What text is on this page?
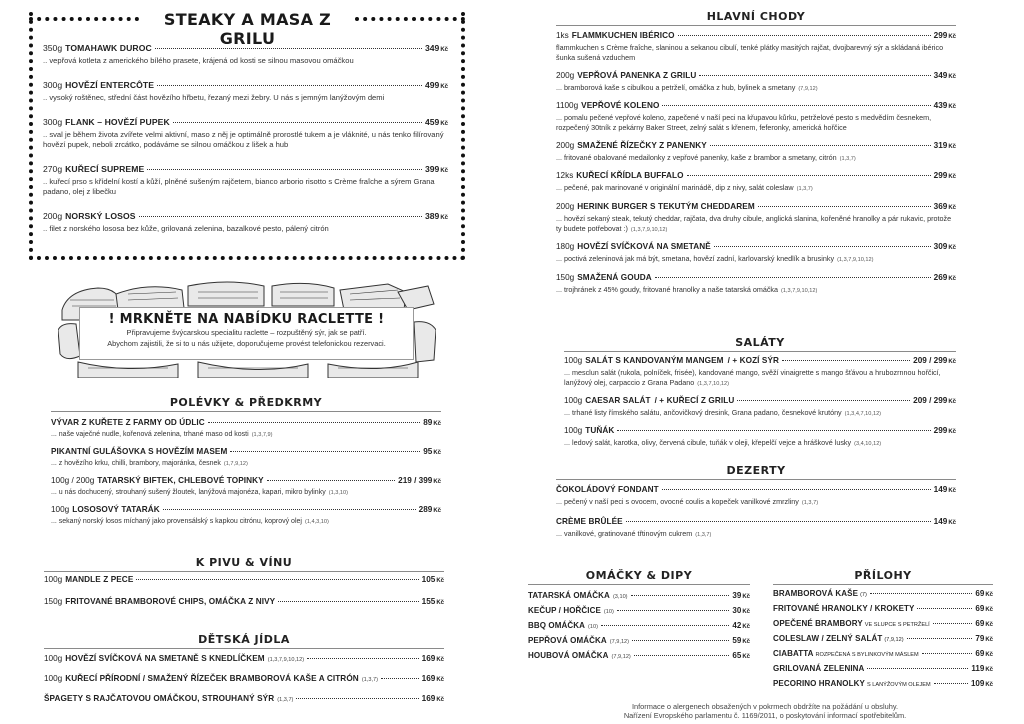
STEAKY A MASA Z GRILU
350g TOMAHAWK DUROC	349Kč
.. vepřová kotleta z amerického bílého prasete, krájená od kosti se silnou masovou omáčkou
300g HOVĚZÍ ENTERCÔTE	499Kč
.. vysoký roštěnec, střední část hovězího hřbetu, řezaný mezi žebry. U nás s jemným lanýžovým demi
300g FLANK – HOVĚZÍ PUPEK	459Kč
.. sval je během života zvířete velmi aktivní, maso z něj je optimálně prorostlé tukem a je vláknité, u nás tenko filírovaný hovězí pupek, neboli zrcátko, podáváme se silnou omáčkou z lišek a hub
270g KUŘECÍ SUPREME	399Kč
.. kuřecí prso s křídelní kostí a kůží, plněné sušeným rajčetem, bianco arborio risotto s Crème fraîche a sýrem Grana padano, olej z libečku
200g NORSKÝ LOSOS	389Kč
.. filet z norského lososa bez kůže, grilovaná zelenina, bazalkové pesto, pálený citrón
! MRKNĚTE NA NABÍDKU RACLETTE !
Připravujeme švýcarskou specialitu raclette – rozpuštěný sýr, jak se patří.
Abychom zajistili, že si to u nás užijete, doporučujeme provést telefonickou rezervaci.
POLÉVKY & PŘEDKRMY
VÝVAR Z KUŘETE Z FARMY OD ÚDLIC	89Kč
... naše vaječné nudle, kořenová zelenina, trhané maso od kosti (1,3,7,9)
PIKANTNÍ GULÁŠOVKA S HOVĚZÍM MASEM	95Kč
... z hovězího krku, chilli, brambory, majoránka, česnek (1,7,9,12)
100g / 200g TATARSKÝ BIFTEK, CHLEBOVÉ TOPINKY	219 / 399Kč
... u nás dochucený, strouhaný sušený žloutek, lanýžová majonéza, kapari, mikro bylinky (1,3,10)
100g LOSOSOVÝ TATARÁK	289Kč
... sekaný norský losos míchaný jako provensálský s kapkou citrónu, koprový olej (1,4,3,10)
K PIVU & VÍNU
100g MANDLE Z PECE	105Kč
150g FRITOVANÉ BRAMBOROVÉ CHIPS, OMÁČKA Z NIVY	155Kč
DĚTSKÁ JÍDLA
100g HOVĚZÍ SVÍČKOVÁ NA SMETANĚ S KNEDLÍČKEM (1,3,7,9,10,12)	169Kč
100g KUŘECÍ PŘÍRODNÍ / SMAŽENÝ ŘÍZEČEK BRAMBOROVÁ KAŠE A CITRÓN (1,3,7)	169Kč
ŠPAGETY S RAJČATOVOU OMÁČKOU, STROUHANÝ SÝR (1,3,7)	169Kč
HLAVNÍ CHODY
1ks FLAMMKUCHEN IBÉRICO	299Kč
flammkuchen s Crème fraîche, slaninou a sekanou cibulí, tenké plátky masitých rajčat, dvojbarevný sýr a skládaná ibérico šunka sušená vzduchem
200g VEPŘOVÁ PANENKA Z GRILU	349Kč
... bramborová kaše s cibulkou a petrželí, omáčka z hub, bylinek a smetany (7,9,12)
1100g VEPŘOVÉ KOLENO	439Kč
... pomalu pečené vepřové koleno, zapečené v naší peci na křupavou kůrku, petrželové pesto s medvědím česnekem, rozpečený 30tník z pekárny Baker Street, zelný salát s křenem, feferonky, americká hořčice
200g SMAŽENÉ ŘÍZEČKY Z PANENKY	319Kč
... fritované obalované medailonky z vepřové panenky, kaše z brambor a smetany, citrón (1,3,7)
12ks KUŘECÍ KŘÍDLA BUFFALO	299Kč
... pečené, pak marinované v originální marinádě, dip z nivy, salát coleslaw (1,3,7)
200g HERINK BURGER S TEKUTÝM CHEDDAREM	369Kč
... hovězí sekaný steak, tekutý cheddar, rajčata, dva druhy cibule, anglická slanina, kořeněné hranolky a pár rukavic, protože ty budete potřebovat :) (1,3,7,9,10,12)
180g HOVĚZÍ SVÍČKOVÁ NA SMETANĚ	309Kč
... poctivá zeleninová jak má být, smetana, hovězí zadní, karlovarský knedlík a brusinky (1,3,7,9,10,12)
150g SMAŽENÁ GOUDA	269Kč
... trojhránek z 45% goudy, fritované hranolky a naše tatarská omáčka (1,3,7,9,10,12)
SALÁTY
100g SALÁT S KANDOVANÝM MANGEM / + KOZÍ SÝR	209 / 299Kč
... mesclun salát (rukola, polníček, frisée), kandované mango, svěží vinaigrette s mango šťávou a hrubozrnnou hořčicí, lanýžový olej, carpaccio z Grana Padano (1,3,7,10,12)
100g CAESAR SALÁT / + KUŘECÍ Z GRILU	209 / 299Kč
... trhané listy římského salátu, ančovičkový dresink, Grana padano, česnekové krutóny (1,3,4,7,10,12)
100g TUŇÁK	299Kč
... ledový salát, karotka, olivy, červená cibule, tuňák v oleji, křepelčí vejce a hráškové lusky (3,4,10,12)
DEZERTY
ČOKOLÁDOVÝ FONDANT	149Kč
... pečený v naší peci s ovocem, ovocné coulis a kopeček vanilkové zmrzliny (1,3,7)
CRÈME BRÛLÉE	149Kč
... vanilkové, gratinované třtinovým cukrem (1,3,7)
OMÁČKY & DIPY
TATARSKÁ OMÁČKA (3,10)	39Kč
KEČUP / HOŘČICE (10)	30Kč
BBQ OMÁČKA (10)	42Kč
PEPŘOVÁ OMÁČKA (7,9,12)	59Kč
HOUBOVÁ OMÁČKA (7,9,12)	65Kč
PŘÍLOHY
BRAMBOROVÁ KAŠE (7)	69Kč
FRITOVANÉ HRANOLKY / KROKETY	69Kč
OPEČENÉ BRAMBORY VE SLUPCE S PETRŽELÍ	69Kč
COLESLAW / ZELNÝ SALÁT (7,9,12)	79Kč
CIABATTA ROZPEČENÁ S BYLINKOVÝM MÁSLEM	69Kč
GRILOVANÁ ZELENINA	119Kč
PECORINO HRANOLKY S LANÝŽOVÝM OLEJEM	109Kč
Informace o alergenech obsažených v pokrmech obdržíte na požádání u obsluhy.
Nařízení Evropského parlamentu č. 1169/2011, o poskytování informací spotřebitelům.
